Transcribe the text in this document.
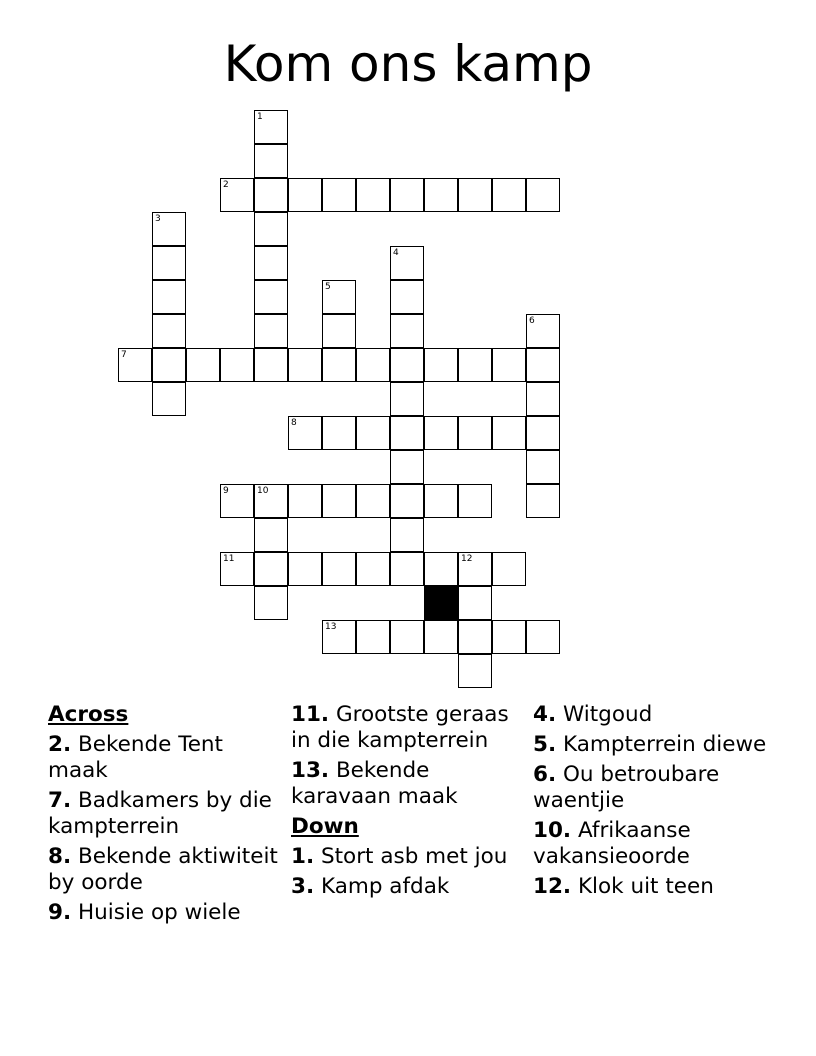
Kom ons kamp
2
7
8
9	10
11	12
13
1
3
4
5
6
Across
2. Bekende Tent maak
7. Badkamers by die kampterrein
8. Bekende aktiwiteit by oorde
9. Huisie op wiele
11. Grootste geraas in die kampterrein
13. Bekende karavaan maak
Down
1. Stort asb met jou
3. Kamp afdak
4. Witgoud
5. Kampterrein diewe
6. Ou betroubare waentjie
10. Afrikaanse vakansieoorde
12. Klok uit teen
